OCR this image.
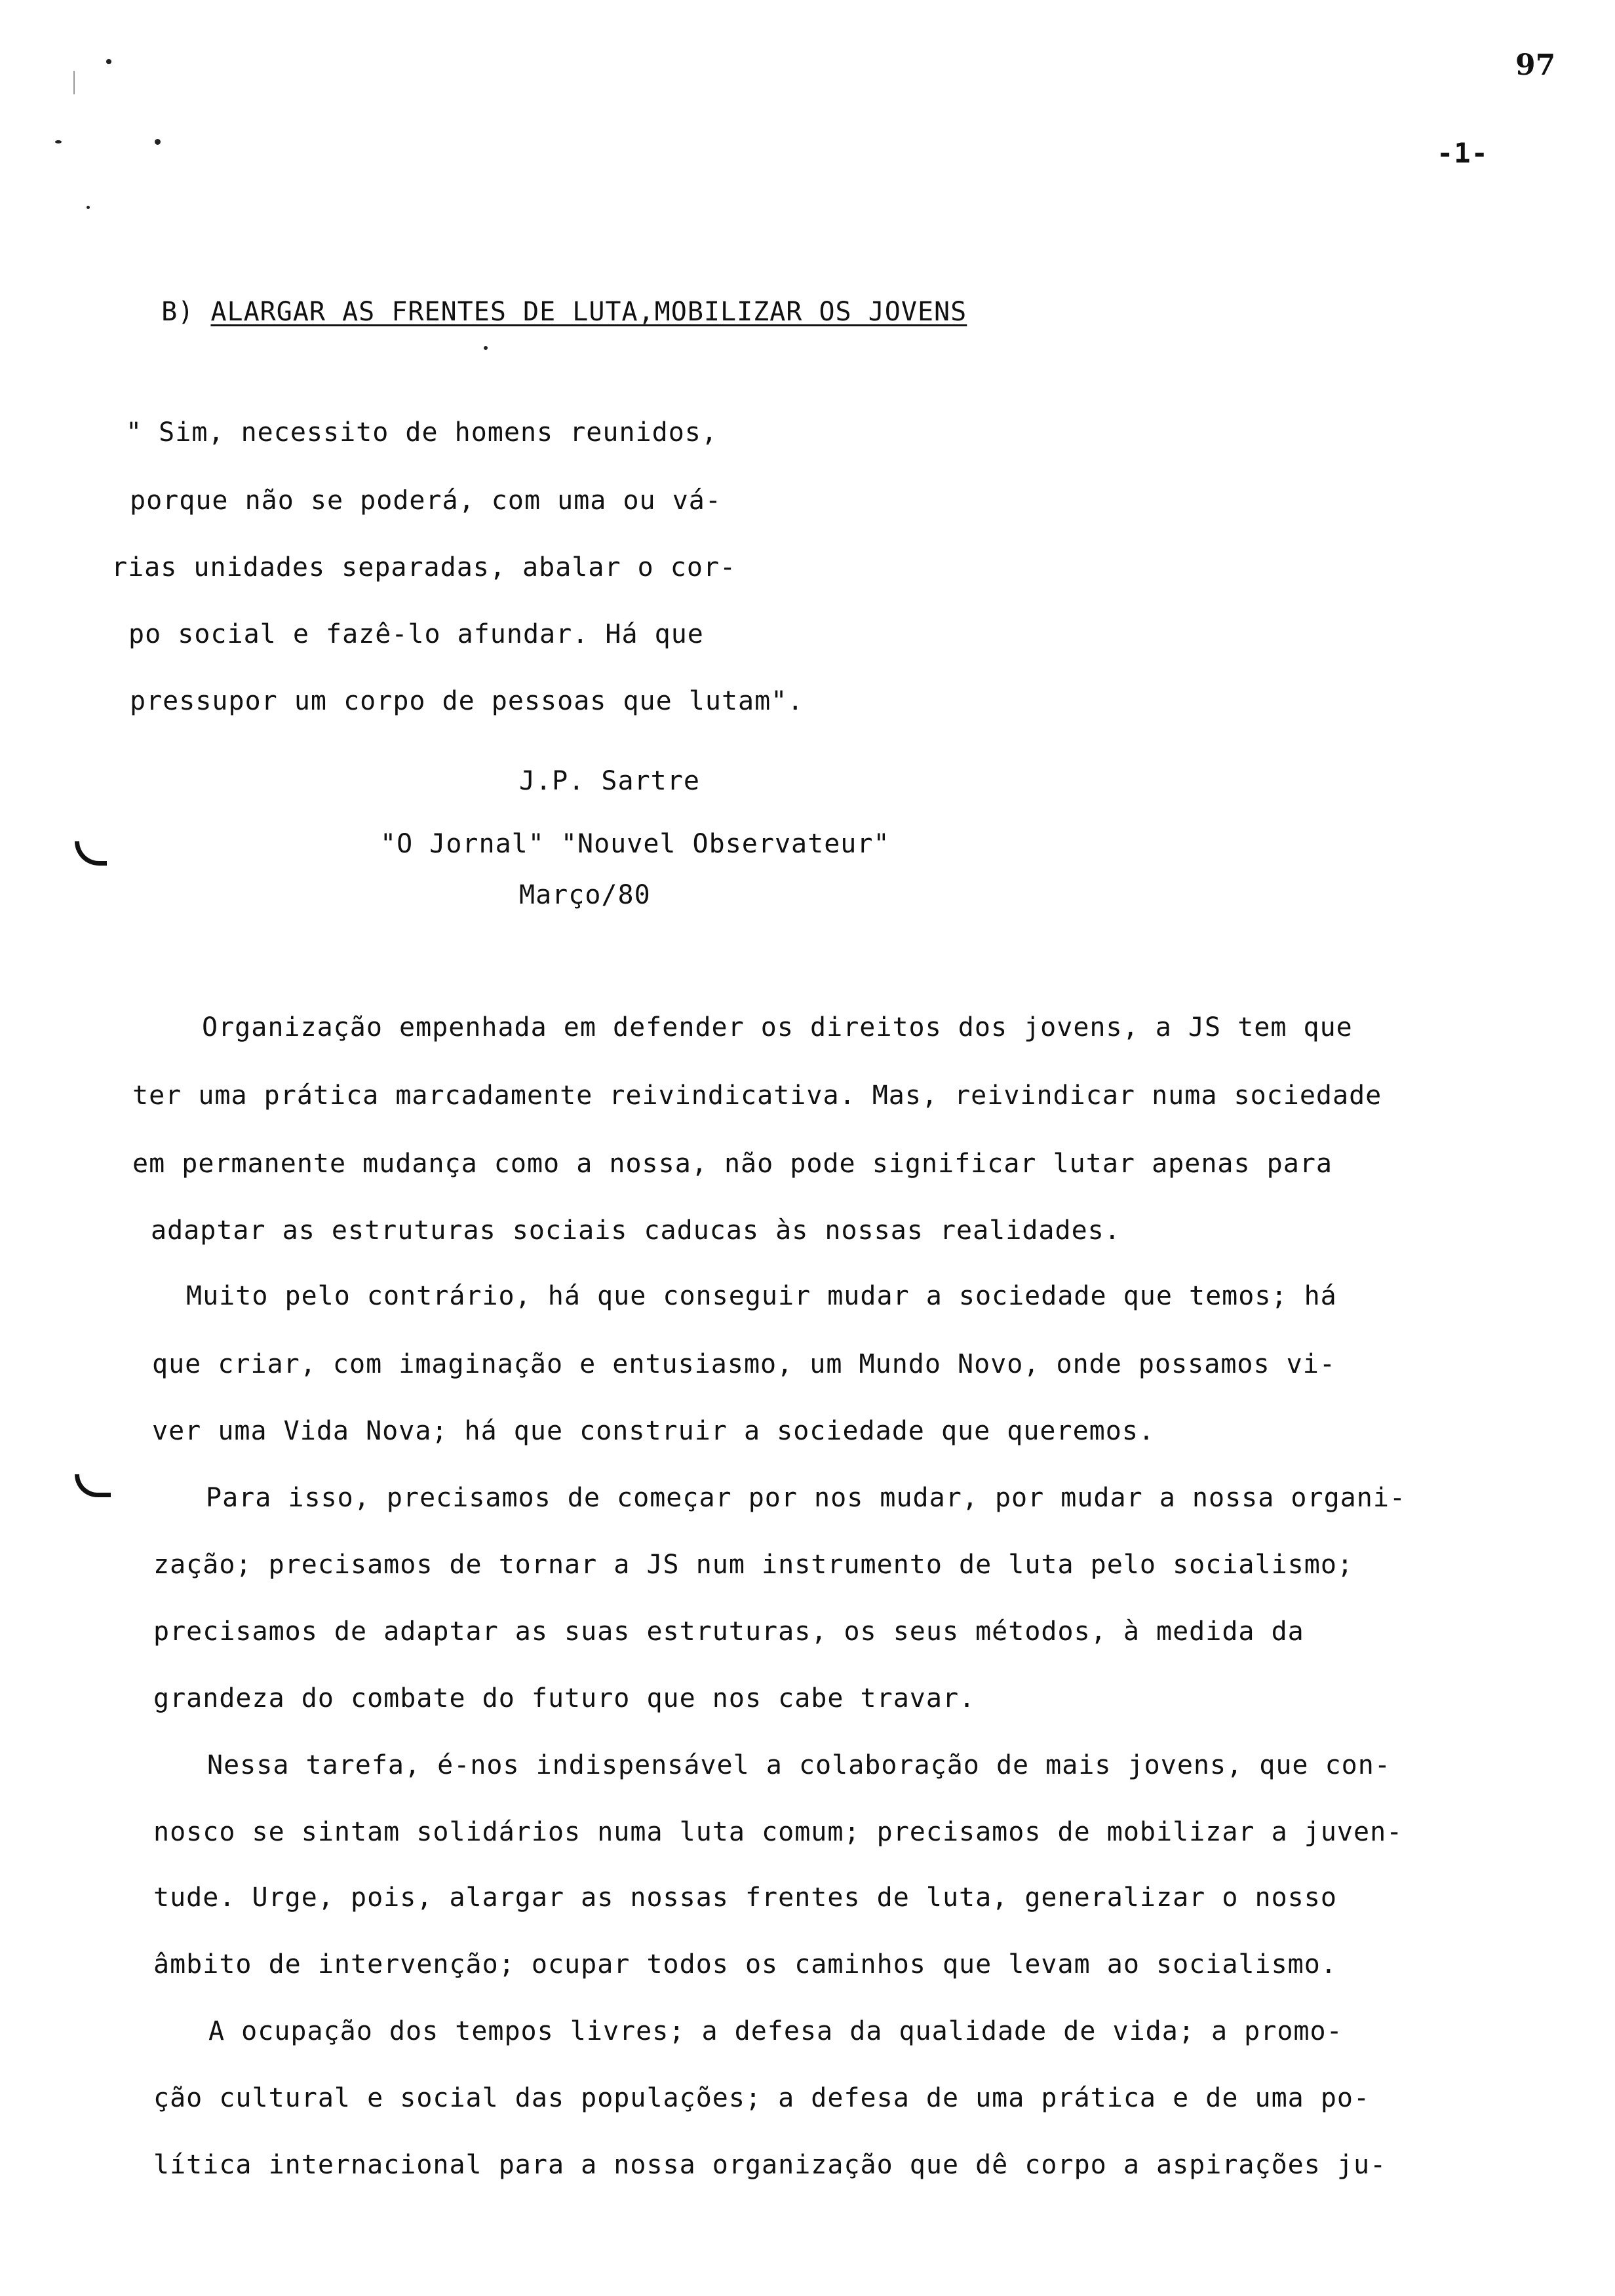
97
-1-

B) ALARGAR AS FRENTES DE LUTA,MOBILIZAR OS JOVENS

" Sim, necessito de homens reunidos,
porque não se poderá, com uma ou vá-
rias unidades separadas, abalar o cor-
po social e fazê-lo afundar. Há que
pressupor um corpo de pessoas que lutam".
J.P. Sartre
"O Jornal" "Nouvel Observateur"
Março/80
Organização empenhada em defender os direitos dos jovens, a JS tem que
ter uma prática marcadamente reivindicativa. Mas, reivindicar numa sociedade
em permanente mudança como a nossa, não pode significar lutar apenas para
adaptar as estruturas sociais caducas às nossas realidades.
Muito pelo contrário, há que conseguir mudar a sociedade que temos; há
que criar, com imaginação e entusiasmo, um Mundo Novo, onde possamos vi-
ver uma Vida Nova; há que construir a sociedade que queremos.
Para isso, precisamos de começar por nos mudar, por mudar a nossa organi-
zação; precisamos de tornar a JS num instrumento de luta pelo socialismo;
precisamos de adaptar as suas estruturas, os seus métodos, à medida da
grandeza do combate do futuro que nos cabe travar.
Nessa tarefa, é-nos indispensável a colaboração de mais jovens, que con-
nosco se sintam solidários numa luta comum; precisamos de mobilizar a juven-
tude. Urge, pois, alargar as nossas frentes de luta, generalizar o nosso
âmbito de intervenção; ocupar todos os caminhos que levam ao socialismo.
A ocupação dos tempos livres; a defesa da qualidade de vida; a promo-
ção cultural e social das populações; a defesa de uma prática e de uma po-
lítica internacional para a nossa organização que dê corpo a aspirações ju-
